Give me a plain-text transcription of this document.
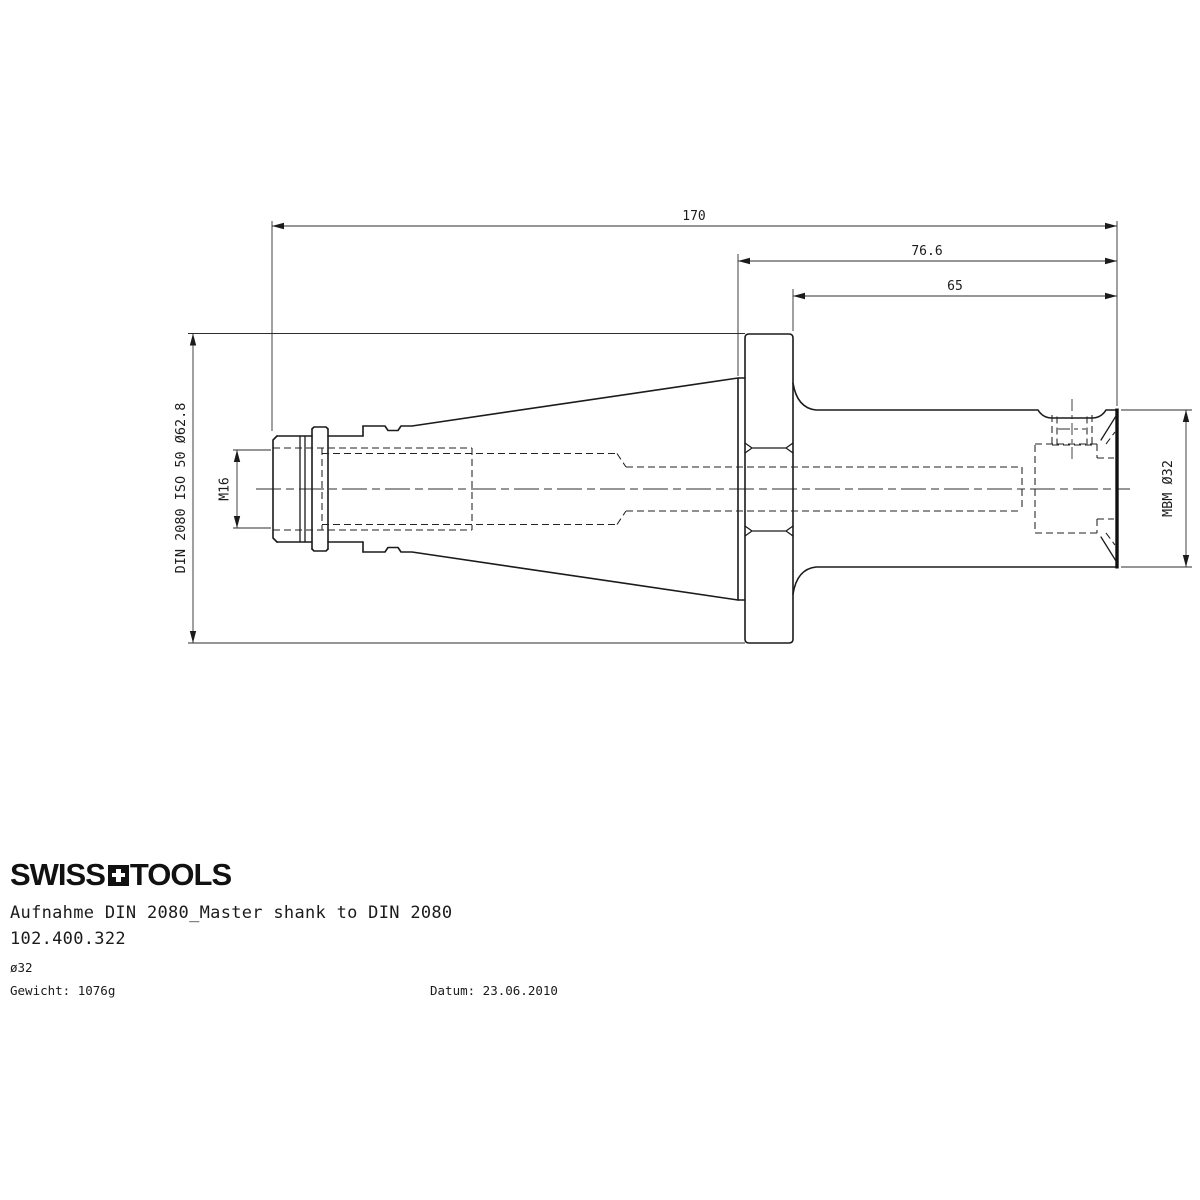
170
76.6
65
DIN 2080 ISO 50 Ø62.8 M16	MBM Ø32
SWISS TOOLS
Aufnahme DIN 2080_Master shank to DIN 2080
102.400.322
ø32
Gewicht: 1076g	Datum: 23.06.2010
